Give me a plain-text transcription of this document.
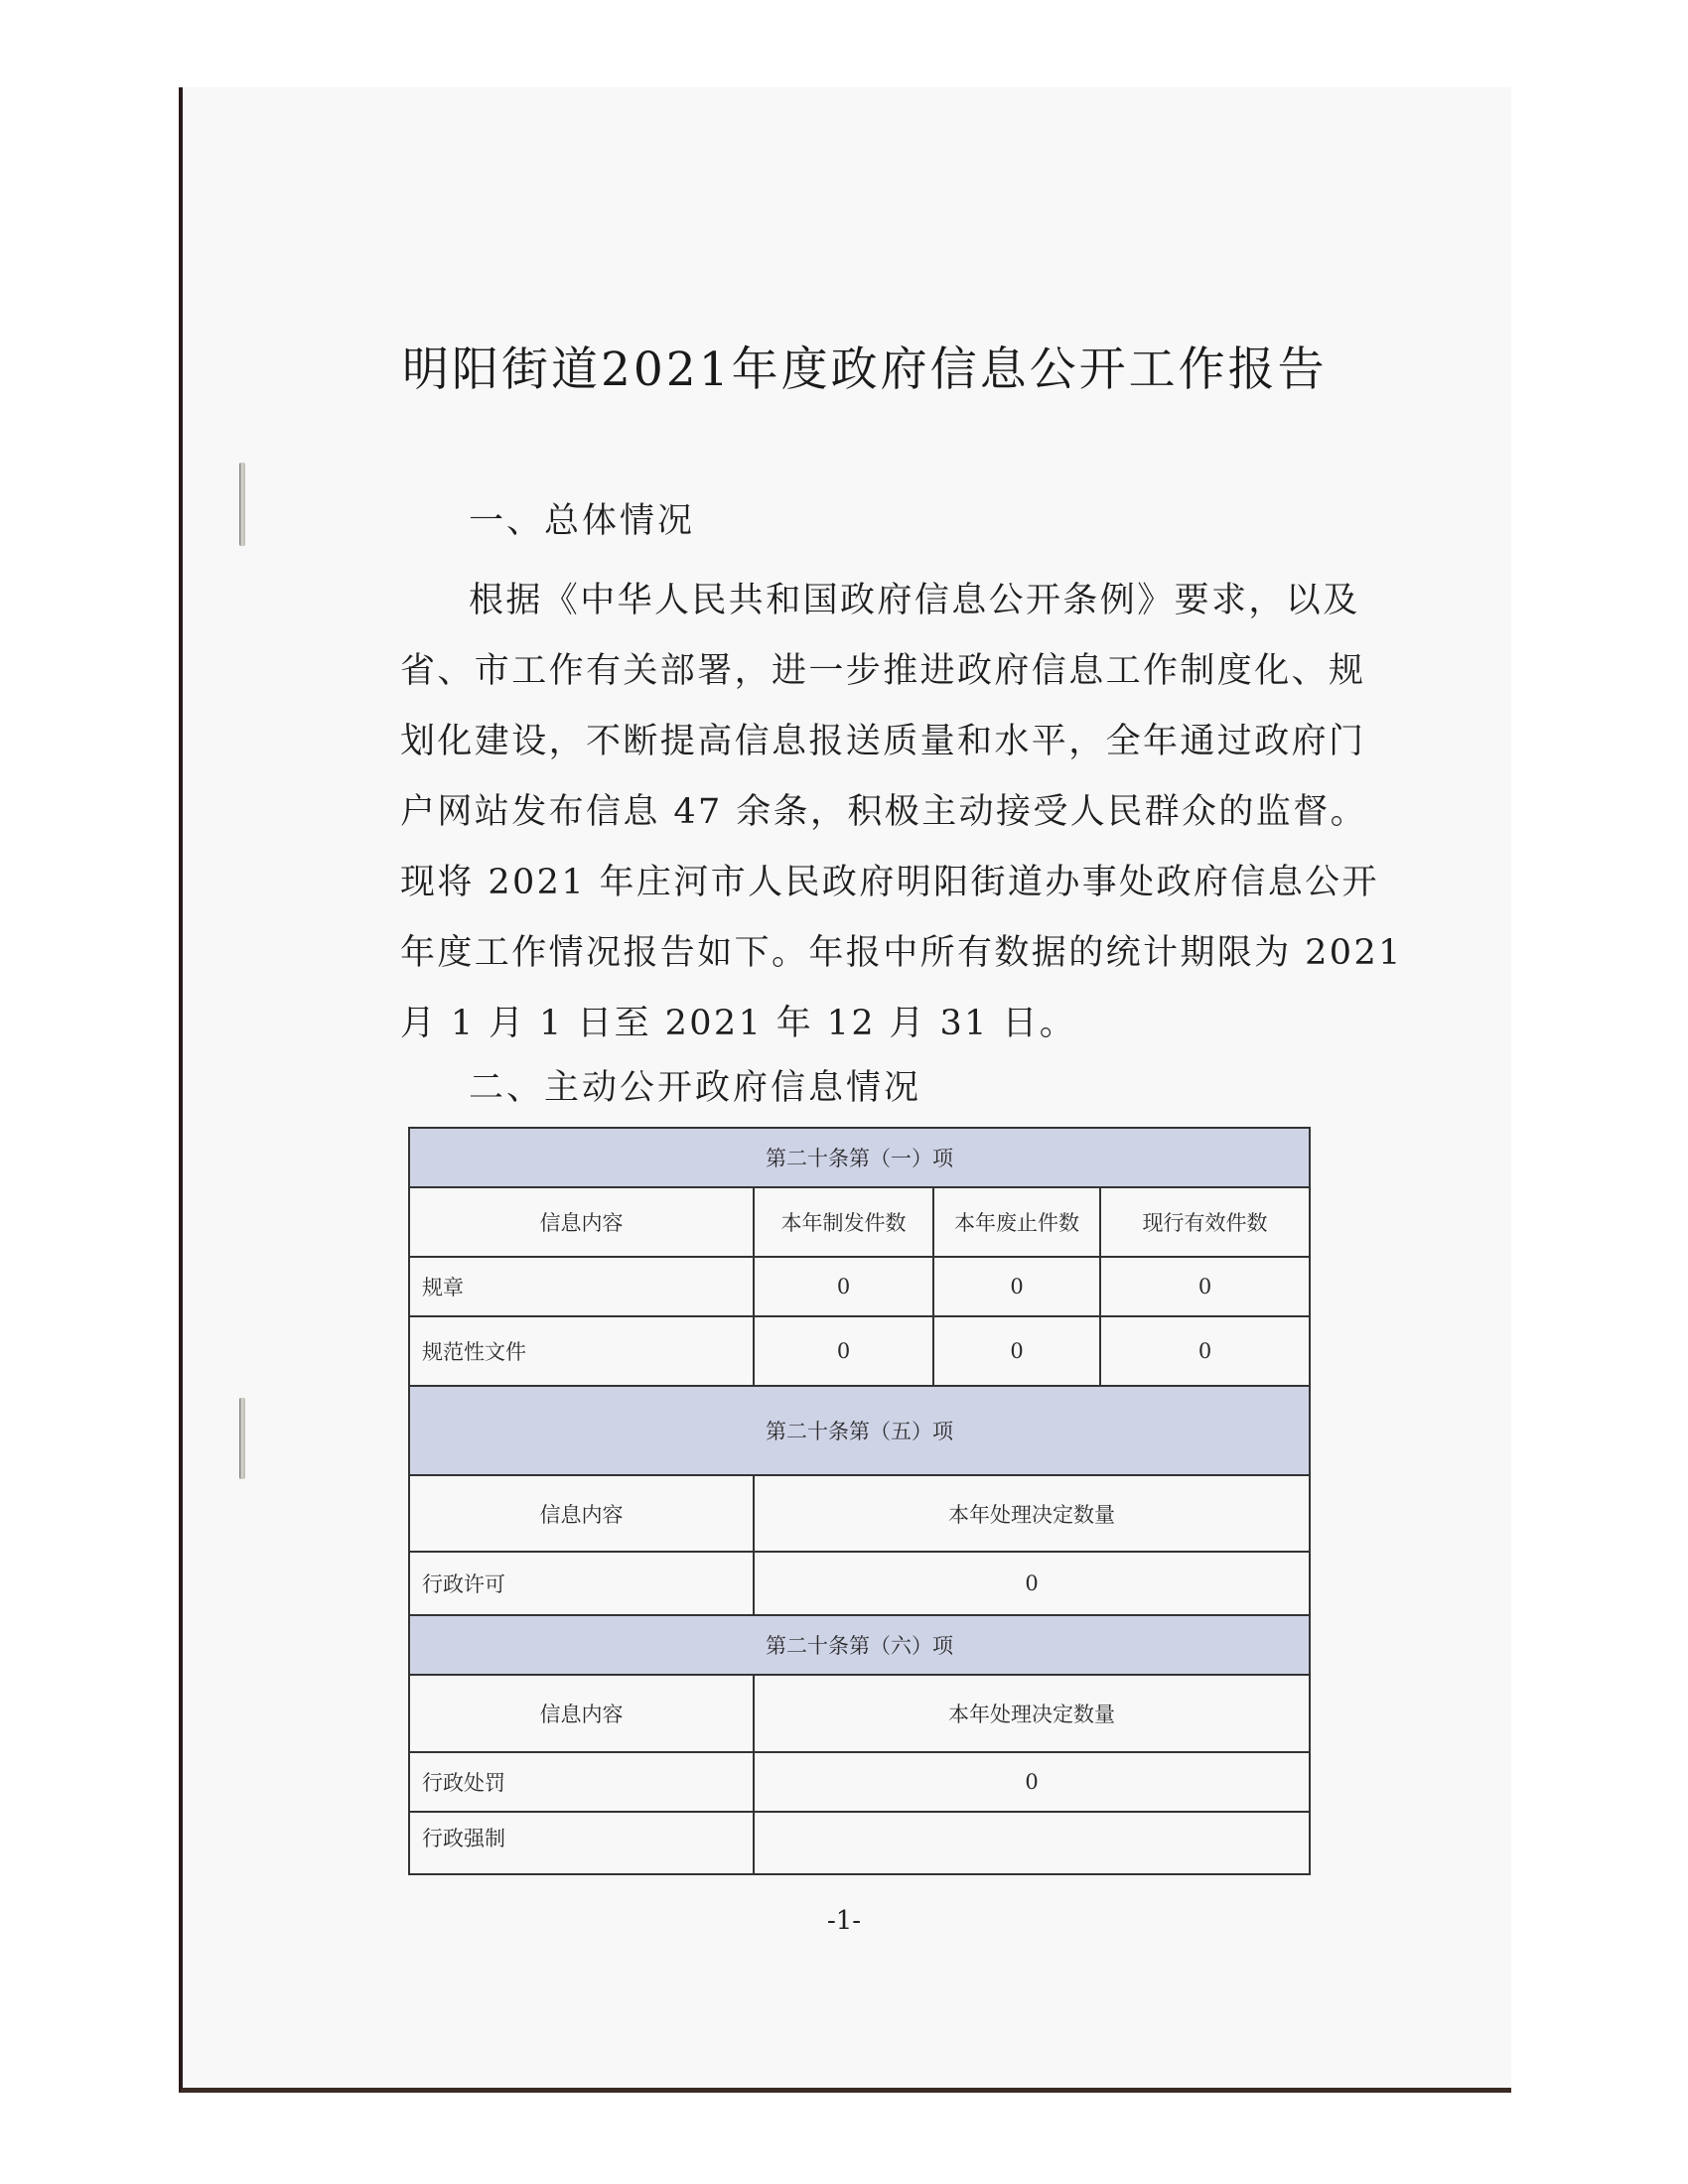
明阳街道2021年度政府信息公开工作报告
一、总体情况
根据《中华人民共和国政府信息公开条例》要求，以及
省、市工作有关部署，进一步推进政府信息工作制度化、规
划化建设，不断提高信息报送质量和水平，全年通过政府门
户网站发布信息 47 余条，积极主动接受人民群众的监督。
现将 2021 年庄河市人民政府明阳街道办事处政府信息公开
年度工作情况报告如下。年报中所有数据的统计期限为 2021
月 1 月 1 日至 2021 年 12 月 31 日。
二、主动公开政府信息情况
第二十条第（一）项			
信息内容	本年制发件数	本年废止件数	现行有效件数
规章	0	0	0
规范性文件	0	0	0
第二十条第（五）项			
信息内容	本年处理决定数量		
行政许可	0		
第二十条第（六）项			
信息内容	本年处理决定数量		
行政处罚	0		
行政强制			
-1-
